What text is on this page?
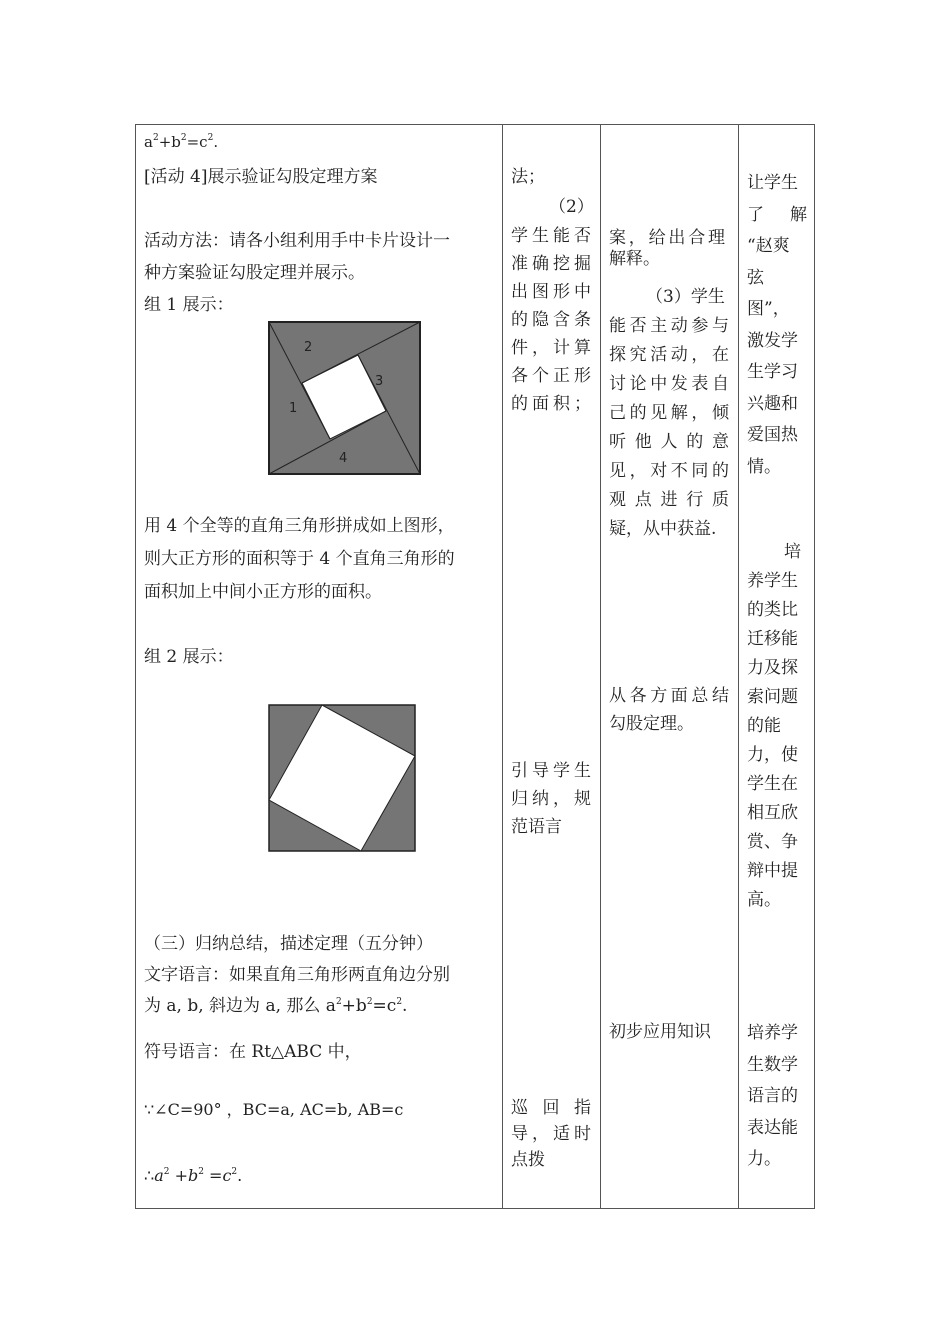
$a^2+b^2=c^2$.
[活动 4]展示验证勾股定理方案
活动方法：请各小组利用手中卡片设计一
种方案验证勾股定理并展示。
组 1 展示：
2
3
1
4
用 4 个全等的直角三角形拼成如上图形，
则大正方形的面积等于 4 个直角三角形的
面积加上中间小正方形的面积。
组 2 展示：
（三）归纳总结，描述定理（五分钟）
文字语言：如果直角三角形两直角边分别
为 a, b, 斜边为 a, 那么 $a^2+b^2=c^2$.
符号语言：在 Rt△ABC 中，
∵∠C=90° ，BC=a, AC=b, AB=c
$\therefore a^2 +b^2 =c^2$.
法；
（2）
学生能否
准确挖掘
出图形中
的隐含条
件，计算
各个正形
的面积；
引导学生
归纳，规
范语言
巡 回 指
导，适时
点拨
案，给出合理
解释。
（3）学生
能否主动参与
探究活动，在
讨论中发表自
己的见解，倾
听 他 人 的 意
见，对不同的
观 点 进 行 质
疑，从中获益.
从各方面总结
勾股定理。
初步应用知识
让学生
了　解
“赵爽
弦
图”，
激发学
生学习
兴趣和
爱国热
情。
培
养学生
的类比
迁移能
力及探
索问题
的能
力，使
学生在
相互欣
赏、争
辩中提
高。
培养学
生数学
语言的
表达能
力。
